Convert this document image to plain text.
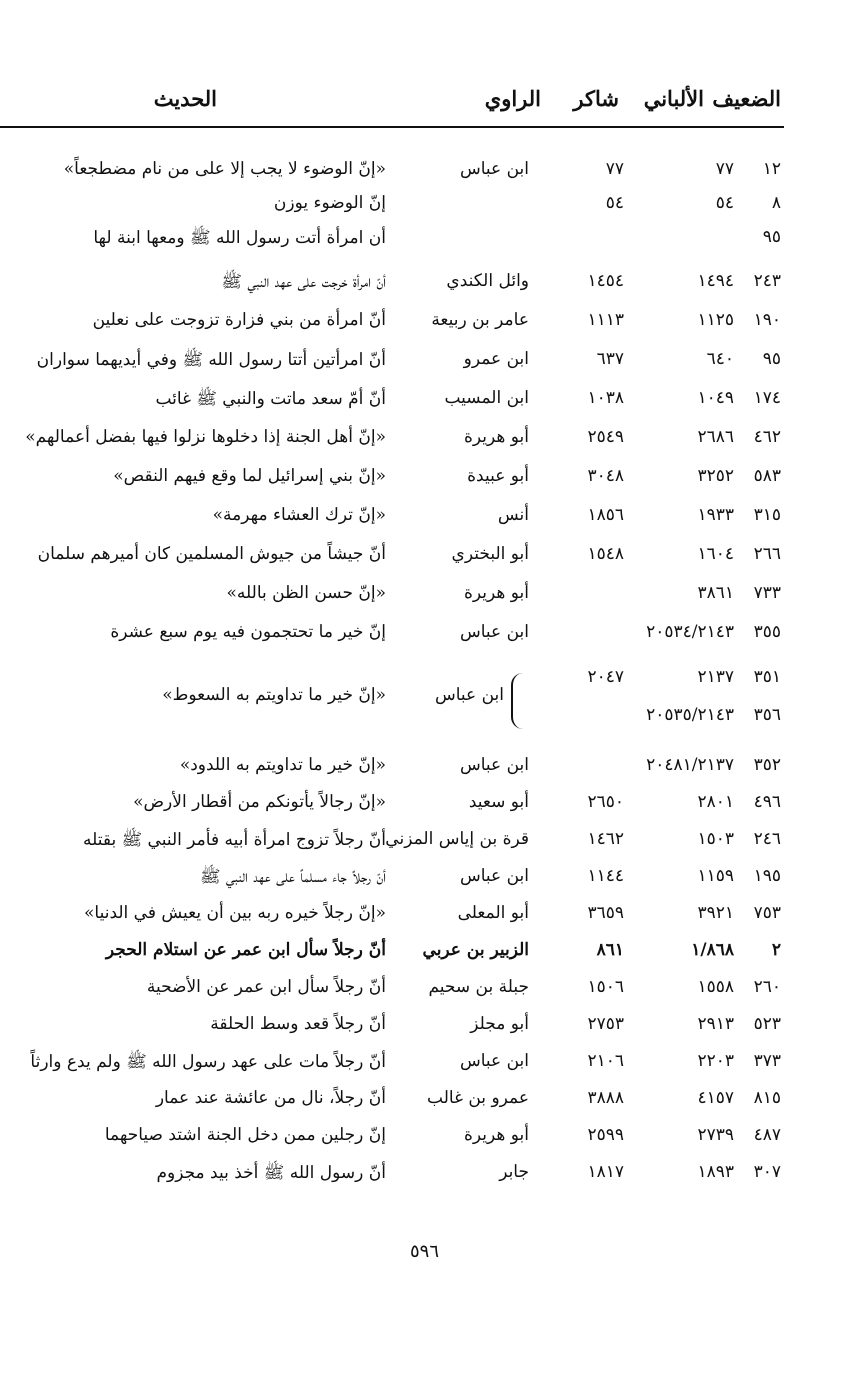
الضعيف
الألباني
شاكر
الراوي
الحديث
١٢
٧٧
٧٧
ابن عباس
«إنّ الوضوء لا يجب إلا على من نام مضطجعاً»
٨
٥٤
٥٤
إنّ الوضوء يوزن
٩٥
أن امرأة أتت رسول الله ﷺ ومعها ابنة لها
٢٤٣
١٤٩٤
١٤٥٤
وائل الكندي
أنّ امرأة خرجت على عهد النبي ﷺ
١٩٠
١١٢٥
١١١٣
عامر بن ربيعة
أنّ امرأة من بني فزارة تزوجت على نعلين
٩٥
٦٤٠
٦٣٧
ابن عمرو
أنّ امرأتين أتتا رسول الله ﷺ وفي أيديهما سواران
١٧٤
١٠٤٩
١٠٣٨
ابن المسيب
أنّ أمّ سعد ماتت والنبي ﷺ غائب
٤٦٢
٢٦٨٦
٢٥٤٩
أبو هريرة
«إنّ أهل الجنة إذا دخلوها نزلوا فيها بفضل أعمالهم»
٥٨٣
٣٢٥٢
٣٠٤٨
أبو عبيدة
«إنّ بني إسرائيل لما وقع فيهم النقص»
٣١٥
١٩٣٣
١٨٥٦
أنس
«إنّ ترك العشاء مهرمة»
٢٦٦
١٦٠٤
١٥٤٨
أبو البختري
أنّ جيشاً من جيوش المسلمين كان أميرهم سلمان
٧٣٣
٣٨٦١
أبو هريرة
«إنّ حسن الظن بالله»
٣٥٥
٢٠٥٣٤/٢١٤٣
ابن عباس
إنّ خير ما تحتجمون فيه يوم سبع عشرة
٣٥١
٢١٣٧
٢٠٤٧
٣٥٦
٢٠٥٣٥/٢١٤٣
ابن عباس
«إنّ خير ما تداويتم به السعوط»
٣٥٢
٢٠٤٨١/٢١٣٧
ابن عباس
«إنّ خير ما تداويتم به اللدود»
٤٩٦
٢٨٠١
٢٦٥٠
أبو سعيد
«إنّ رجالاً يأتونكم من أقطار الأرض»
٢٤٦
١٥٠٣
١٤٦٢
قرة بن إياس المزني
أنّ رجلاً تزوج امرأة أبيه فأمر النبي ﷺ بقتله
١٩٥
١١٥٩
١١٤٤
ابن عباس
أنّ رجلاً جاء مسلماً على عهد النبي ﷺ
٧٥٣
٣٩٢١
٣٦٥٩
أبو المعلى
«إنّ رجلاً خيره ربه بين أن يعيش في الدنيا»
٢
١/٨٦٨
٨٦١
الزبير بن عربي
أنّ رجلاً سأل ابن عمر عن استلام الحجر
٢٦٠
١٥٥٨
١٥٠٦
جبلة بن سحيم
أنّ رجلاً سأل ابن عمر عن الأضحية
٥٢٣
٢٩١٣
٢٧٥٣
أبو مجلز
أنّ رجلاً قعد وسط الحلقة
٣٧٣
٢٢٠٣
٢١٠٦
ابن عباس
أنّ رجلاً مات على عهد رسول الله ﷺ ولم يدع وارثاً
٨١٥
٤١٥٧
٣٨٨٨
عمرو بن غالب
أنّ رجلاً، نال من عائشة عند عمار
٤٨٧
٢٧٣٩
٢٥٩٩
أبو هريرة
إنّ رجلين ممن دخل الجنة اشتد صياحهما
٣٠٧
١٨٩٣
١٨١٧
جابر
أنّ رسول الله ﷺ أخذ بيد مجزوم
٥٩٦
